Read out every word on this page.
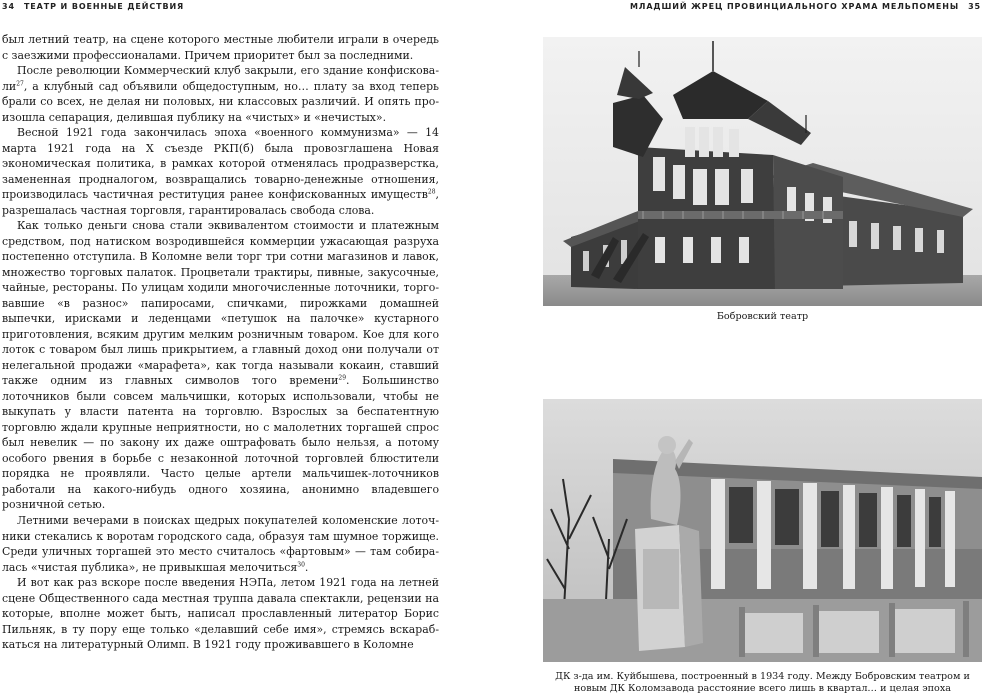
34 ТЕАТР И ВОЕННЫЕ ДЕЙСТВИЯ	МЛАДШИЙ ЖРЕЦ ПРОВИНЦИАЛЬНОГО ХРАМА МЕЛЬПОМЕНЫ 35

был летний театр, на сцене которого местные любители играли в очередь с заезжими профессионалами. Причем приоритет был за последними.

После революции Коммерческий клуб закрыли, его здание конфисковали$^{27}$, а клубный сад объявили общедоступным, но… плату за вход теперь брали со всех, не делая ни половых, ни классовых различий. И опять произошла сепарация, делившая публику на «чистых» и «нечистых».

Весной 1921 года закончилась эпоха «военного коммунизма» — 14 марта 1921 года на X съезде РКП(б) была провозглашена Новая экономическая политика, в рамках которой отменялась продразверстка, замененная продналогом, возвращались товарно-денежные отношения, производилась частичная реституция ранее конфискованных имуществ$^{28}$, разрешалась частная торговля, гарантировалась свобода слова.

Как только деньги снова стали эквивалентом стоимости и платежным средством, под натиском возродившейся коммерции ужасающая разруха постепенно отступила. В Коломне вели торг три сотни магазинов и лавок, множество торговых палаток. Процветали трактиры, пивные, закусочные, чайные, рестораны. По улицам ходили многочисленные лоточники, торговавшие «в разнос» папиросами, спичками, пирожками домашней выпечки, ирисками и леденцами «петушок на палочке» кустарного приготовления, всяким другим мелким розничным товаром. Кое для кого лоток с товаром был лишь прикрытием, а главный доход они получали от нелегальной продажи «марафета», как тогда называли кокаин, ставший также одним из главных символов того времени$^{29}$. Большинство лоточников были совсем мальчишки, которых использовали, чтобы не выкупать у власти патента на торговлю. Взрослых за беспатентную торговлю ждали крупные неприятности, но с малолетних торгашей спрос был невелик — по закону их даже оштрафовать было нельзя, а потому особого рвения в борьбе с незаконной лоточной торговлей блюстители порядка не проявляли. Часто целые артели мальчишек-лоточников работали на какого-нибудь одного хозяина, анонимно владевшего розничной сетью.

Летними вечерами в поисках щедрых покупателей коломенские лоточники стекались к воротам городского сада, образуя там шумное торжище. Среди уличных торгашей это место считалось «фартовым» — там собиралась «чистая публика», не привыкшая мелочиться$^{30}$.

И вот как раз вскоре после введения НЭПа, летом 1921 года на летней сцене Общественного сада местная труппа давала спектакли, рецензии на которые, вполне может быть, написал прославленный литератор Борис Пильняк, в ту пору еще только «делавший себе имя», стремясь вскарабкаться на литературный Олимп. В 1921 году проживавшего в Коломне

Бобровский театр
ДК з-да им. Куйбышева, построенный в 1934 году. Между Бобровским театром и новым ДК Коломзавода расстояние всего лишь в квартал… и целая эпоха
